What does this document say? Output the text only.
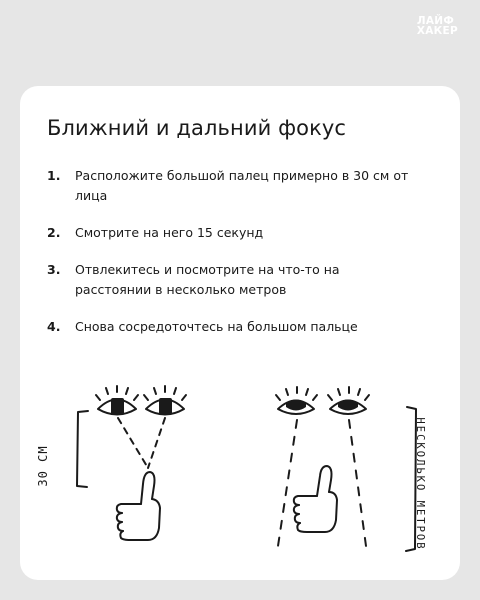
ЛАЙФ
ХАКЕР
Ближний и дальний фокус
1.	Расположите большой палец примерно в 30 см от лица
2.	Смотрите на него 15 секунд
3.	Отвлекитесь и посмотрите на что-то на расстоянии в несколько метров
4.	Снова сосредоточтесь на большом пальце
30 СМ	НЕСКОЛЬКО МЕТРОВ
